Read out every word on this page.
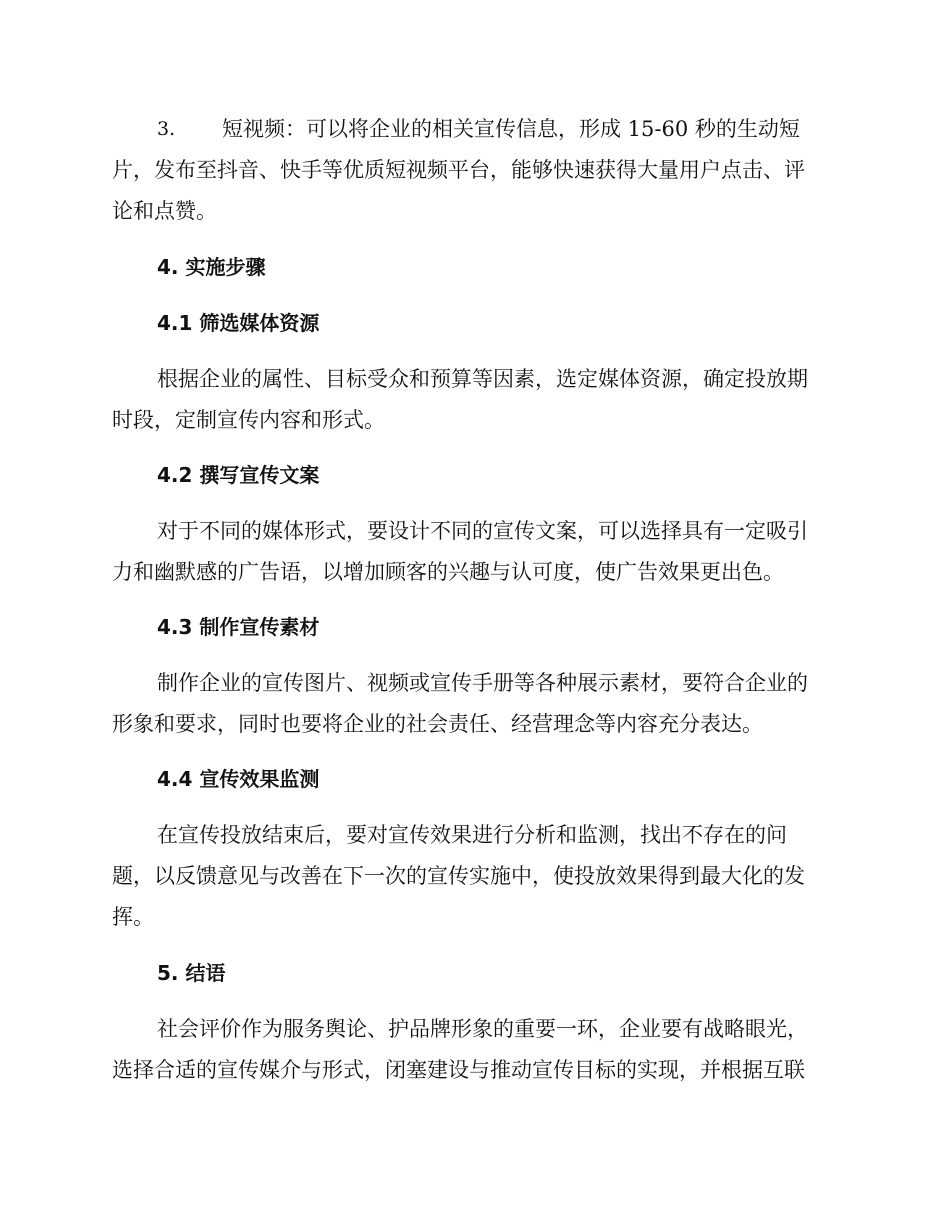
3. 短视频：可以将企业的相关宣传信息，形成 15-60 秒的生动短
片，发布至抖音、快手等优质短视频平台，能够快速获得大量用户点击、评
论和点赞。
4. 实施步骤
4.1 筛选媒体资源
根据企业的属性、目标受众和预算等因素，选定媒体资源，确定投放期
时段，定制宣传内容和形式。
4.2 撰写宣传文案
对于不同的媒体形式，要设计不同的宣传文案，可以选择具有一定吸引
力和幽默感的广告语，以增加顾客的兴趣与认可度，使广告效果更出色。
4.3 制作宣传素材
制作企业的宣传图片、视频或宣传手册等各种展示素材，要符合企业的
形象和要求，同时也要将企业的社会责任、经营理念等内容充分表达。
4.4 宣传效果监测
在宣传投放结束后，要对宣传效果进行分析和监测，找出不存在的问
题，以反馈意见与改善在下一次的宣传实施中，使投放效果得到最大化的发
挥。
5. 结语
社会评价作为服务舆论、护品牌形象的重要一环，企业要有战略眼光，
选择合适的宣传媒介与形式，闭塞建设与推动宣传目标的实现，并根据互联
